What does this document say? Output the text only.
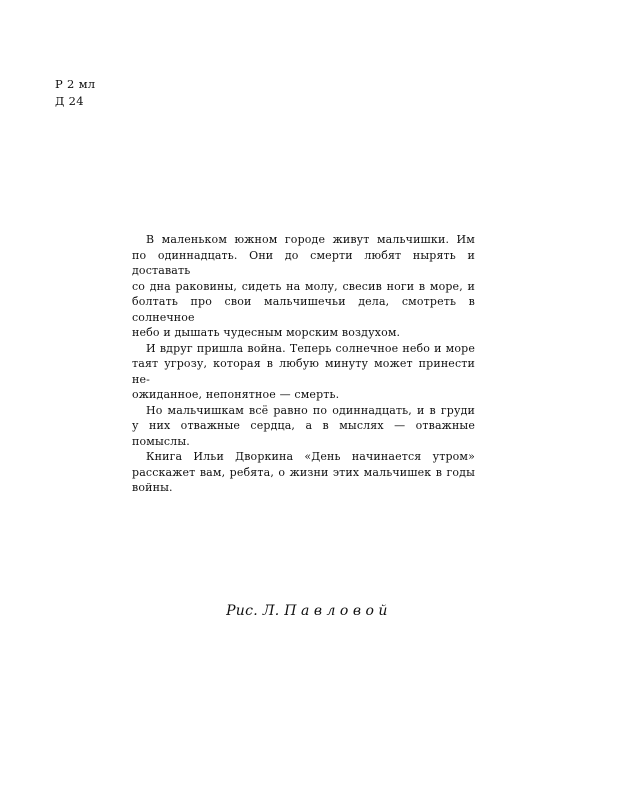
Р 2 мл
Д 24

В маленьком южном городе живут мальчишки. Им
по одиннадцать. Они до смерти любят нырять и доставать
со дна раковины, сидеть на молу, свесив ноги в море, и
болтать про свои мальчишечьи дела, смотреть в солнечное
небо и дышать чудесным морским воздухом.

И вдруг пришла война. Теперь солнечное небо и море
таят угрозу, которая в любую минуту может принести не-
ожиданное, непонятное — смерть.

Но мальчишкам всё равно по одиннадцать, и в груди
у них отважные сердца, а в мыслях — отважные помыслы.

Книга Ильи Дворкина «День начинается утром»
расскажет вам, ребята, о жизни этих мальчишек в годы
войны.

Рис. Л. Павловой
